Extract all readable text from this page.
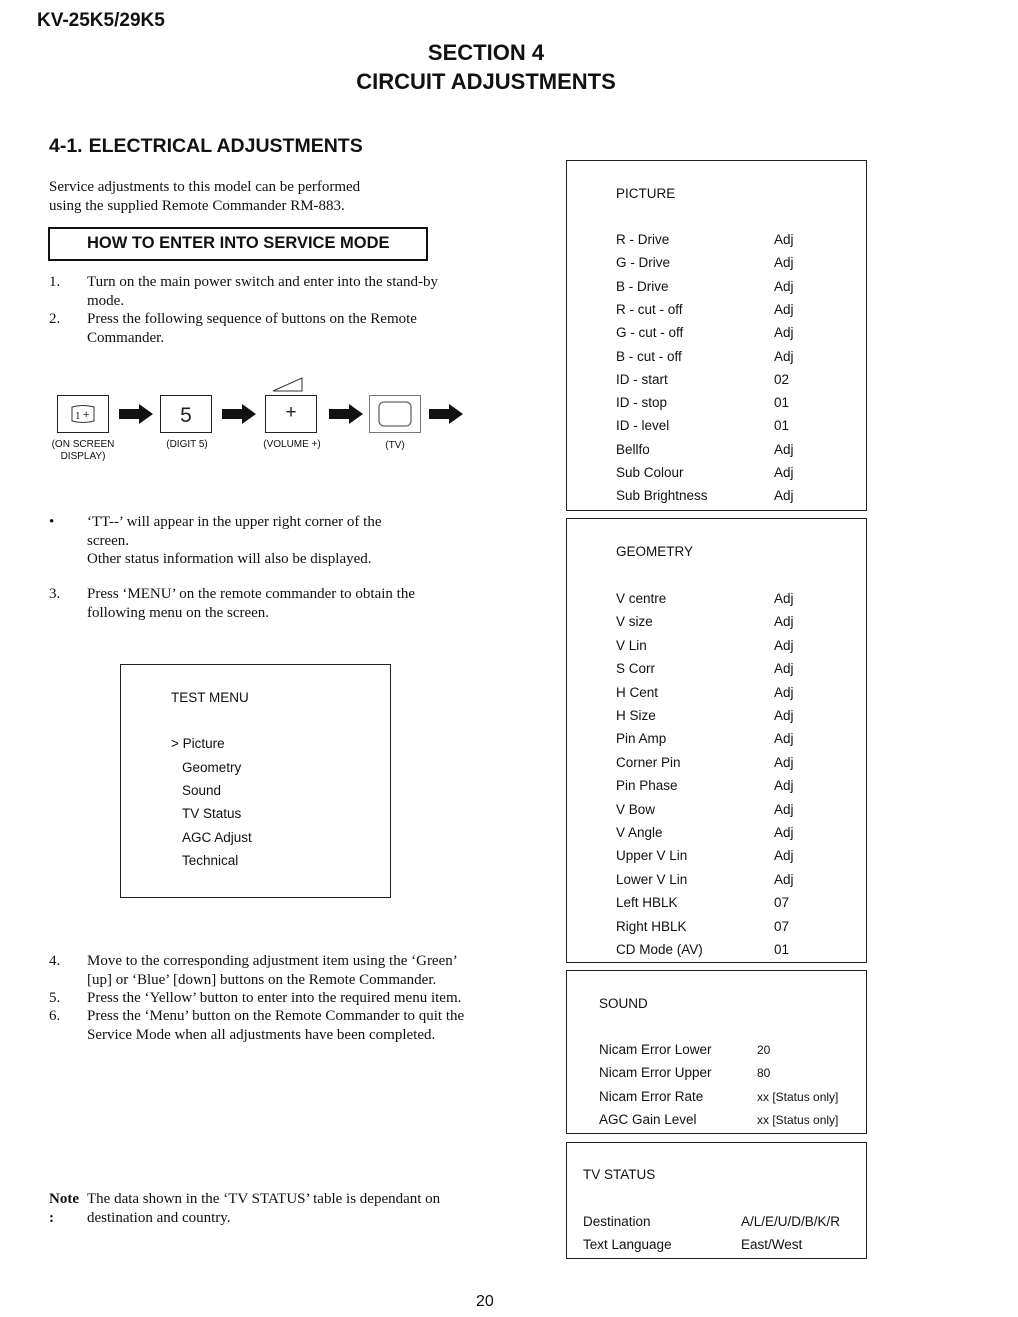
KV-25K5/29K5
SECTION 4
CIRCUIT ADJUSTMENTS
4-1. ELECTRICAL ADJUSTMENTS
Service adjustments to this model can be performed
using the supplied Remote Commander RM-883.
HOW TO ENTER INTO SERVICE MODE
1. Turn on the main power switch and enter into the stand-by
mode.
2. Press the following sequence of buttons on the Remote
Commander.
1 +	5	+
(ON SCREEN
DISPLAY)
(DIGIT 5)	(VOLUME +)	(TV)
• ‘TT--’ will appear in the upper right corner of the
screen.
Other status information will also be displayed.
3. Press ‘MENU’ on the remote commander to obtain the
following menu on the screen.
TEST MENU
> Picture
Geometry
Sound
TV Status
AGC Adjust
Technical
4. Move to the corresponding adjustment item using the ‘Green’
[up] or ‘Blue’ [down] buttons on the Remote Commander.
5. Press the ‘Yellow’ button to enter into the required menu item.
6. Press the ‘Menu’ button on the Remote Commander to quit the
Service Mode when all adjustments have been completed.
Note :
The data shown in the ‘TV STATUS’ table is dependant on
destination and country.
PICTURE
R - Drive	Adj
G - Drive	Adj
B - Drive	Adj
R - cut - off	Adj
G - cut - off	Adj
B - cut - off	Adj
ID - start	02
ID - stop	01
ID - level	01
Bellfo	Adj
Sub Colour	Adj
Sub Brightness	Adj
GEOMETRY
V centre	Adj
V size	Adj
V Lin	Adj
S Corr	Adj
H Cent	Adj
H Size	Adj
Pin Amp	Adj
Corner Pin	Adj
Pin Phase	Adj
V Bow	Adj
V Angle	Adj
Upper V Lin	Adj
Lower V Lin	Adj
Left HBLK	07
Right HBLK	07
CD Mode (AV)	01
SOUND
Nicam Error Lower	20
Nicam Error Upper	80
Nicam Error Rate	xx [Status only]
AGC Gain Level	xx [Status only]
TV STATUS
Destination	A/L/E/U/D/B/K/R
Text Language	East/West
20
